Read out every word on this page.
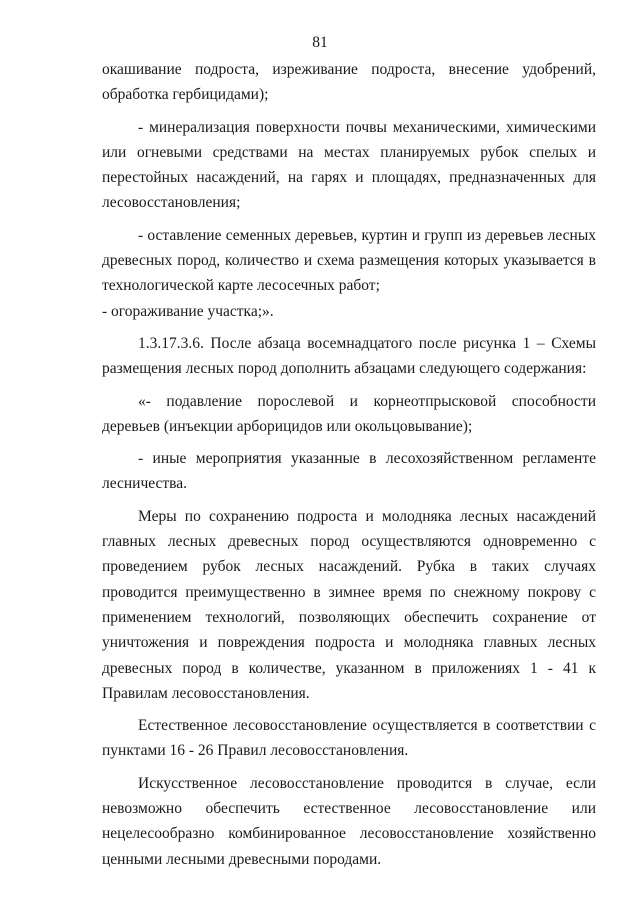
81

окашивание подроста, изреживание подроста, внесение удобрений, обработка гербицидами);

- минерализация поверхности почвы механическими, химическими или огневыми средствами на местах планируемых рубок спелых и перестойных насаждений, на гарях и площадях, предназначенных для лесовосстановления;

- оставление семенных деревьев, куртин и групп из деревьев лесных древесных пород, количество и схема размещения которых указывается в технологической карте лесосечных работ;

- огораживание участка;».

1.3.17.3.6. После абзаца восемнадцатого после рисунка 1 – Схемы размещения лесных пород дополнить абзацами следующего содержания:

«- подавление порослевой и корнеотпрысковой способности деревьев (инъекции арборицидов или окольцовывание);

- иные мероприятия указанные в лесохозяйственном регламенте лесничества.

Меры по сохранению подроста и молодняка лесных насаждений главных лесных древесных пород осуществляются одновременно с проведением рубок лесных насаждений. Рубка в таких случаях проводится преимущественно в зимнее время по снежному покрову с применением технологий, позволяющих обеспечить сохранение от уничтожения и повреждения подроста и молодняка главных лесных древесных пород в количестве, указанном в приложениях 1 - 41 к Правилам лесовосстановления.

Естественное лесовосстановление осуществляется в соответствии с пунктами 16 - 26 Правил лесовосстановления.

Искусственное лесовосстановление проводится в случае, если невозможно обеспечить естественное лесовосстановление или нецелесообразно комбинированное лесовосстановление хозяйственно ценными лесными древесными породами.
